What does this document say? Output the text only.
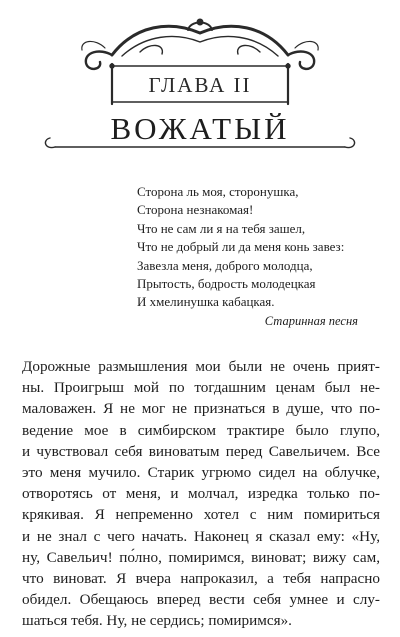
ГЛАВА II
ВОЖАТЫЙ
Сторона ль моя, сторонушка,
Сторона незнакомая!
Что не сам ли я на тебя зашел,
Что не добрый ли да меня конь завез:
Завезла меня, доброго молодца,
Прытость, бодрость молодецкая
И хмелинушка кабацкая.
Старинная песня
Дорожные размышления мои были не очень прият-
ны. Проигрыш мой по тогдашним ценам был не-
маловажен. Я не мог не признаться в душе, что по-
ведение мое в симбирском трактире было глупо,
и чувствовал себя виноватым перед Савельичем. Все
это меня мучило. Старик угрюмо сидел на облучке,
отворотясь от меня, и молчал, изредка только по-
крякивая. Я непременно хотел с ним помириться
и не знал с чего начать. Наконец я сказал ему: «Ну,
ну, Савельич! по́лно, помиримся, виноват; вижу сам,
что виноват. Я вчера напроказил, а тебя напрасно
обидел. Обещаюсь вперед вести себя умнее и слу-
шаться тебя. Ну, не сердись; помиримся».
